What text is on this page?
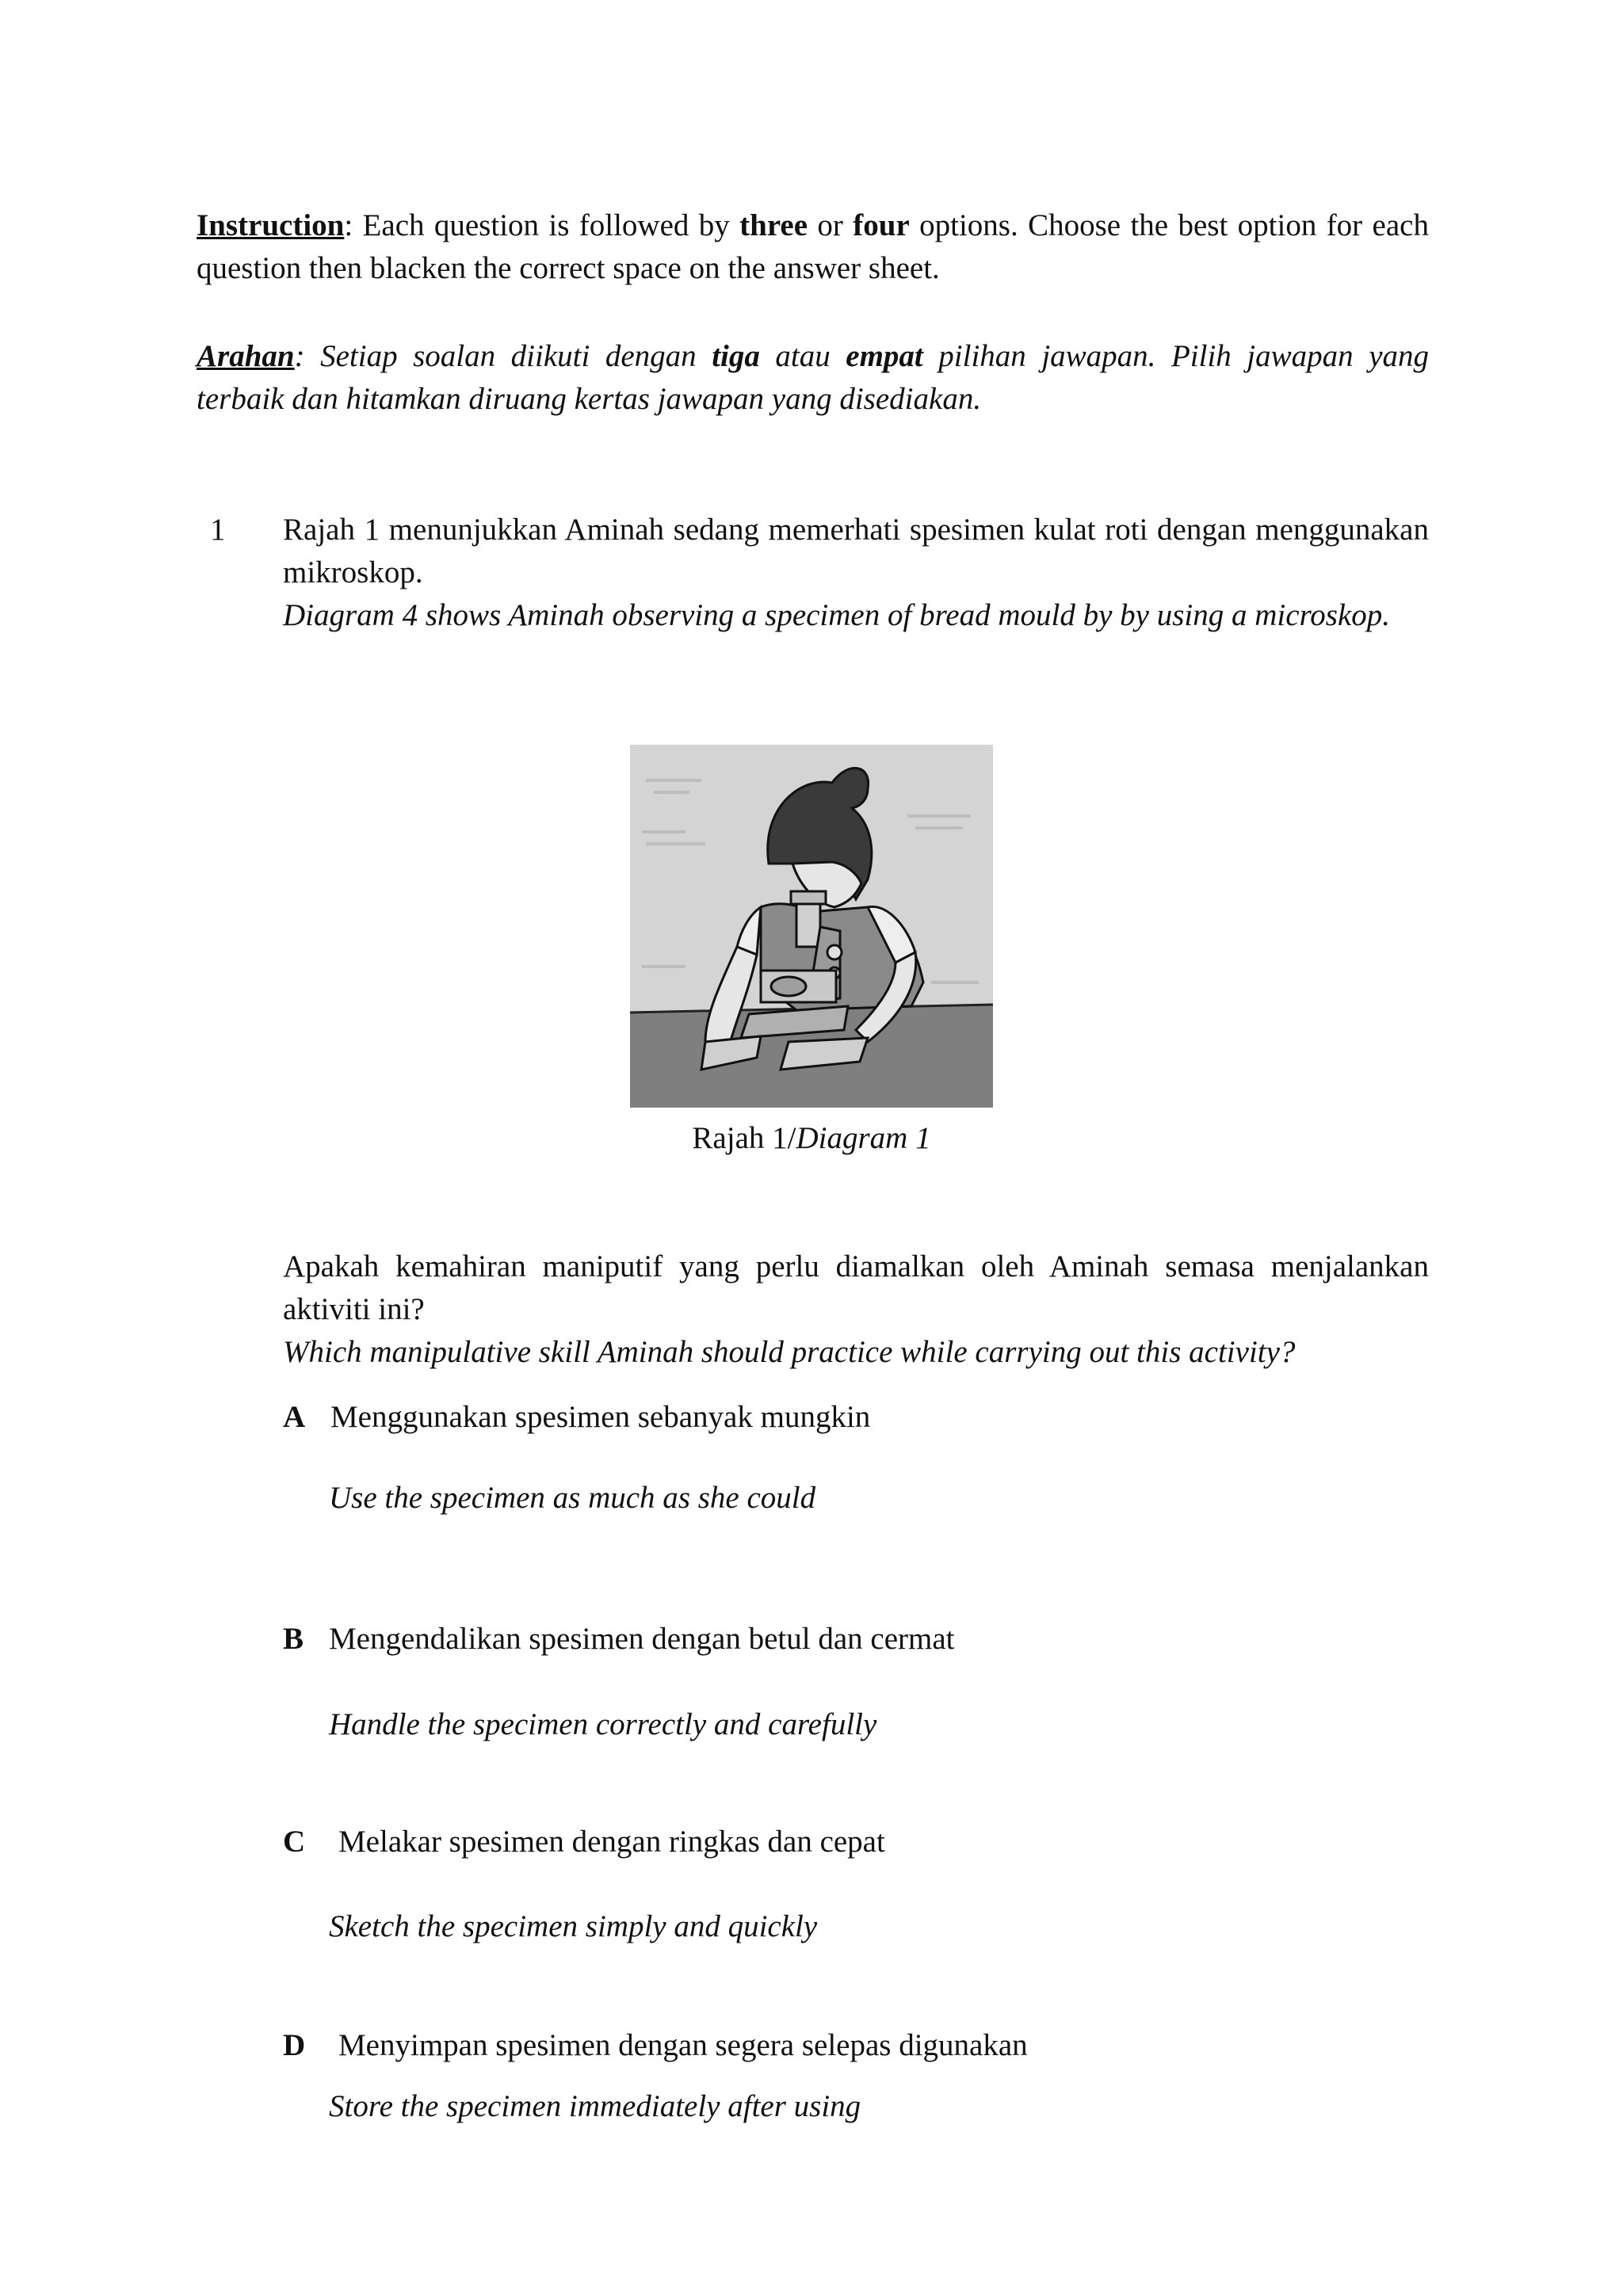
Instruction: Each question is followed by three or four options. Choose the best option for each question then blacken the correct space on the answer sheet.
Arahan: Setiap soalan diikuti dengan tiga atau empat pilihan jawapan. Pilih jawapan yang terbaik dan hitamkan diruang kertas jawapan yang disediakan.
1 Rajah 1 menunjukkan Aminah sedang memerhati spesimen kulat roti dengan menggunakan mikroskop.
Diagram 4 shows Aminah observing a specimen of bread mould by by using a microskop.
Rajah 1/Diagram 1
Apakah kemahiran maniputif yang perlu diamalkan oleh Aminah semasa menjalankan aktiviti ini?
Which manipulative skill Aminah should practice while carrying out this activity?
A Menggunakan spesimen sebanyak mungkin
Use the specimen as much as she could
B Mengendalikan spesimen dengan betul dan cermat
Handle the specimen correctly and carefully
C Melakar spesimen dengan ringkas dan cepat
Sketch the specimen simply and quickly
D Menyimpan spesimen dengan segera selepas digunakan
Store the specimen immediately after using
